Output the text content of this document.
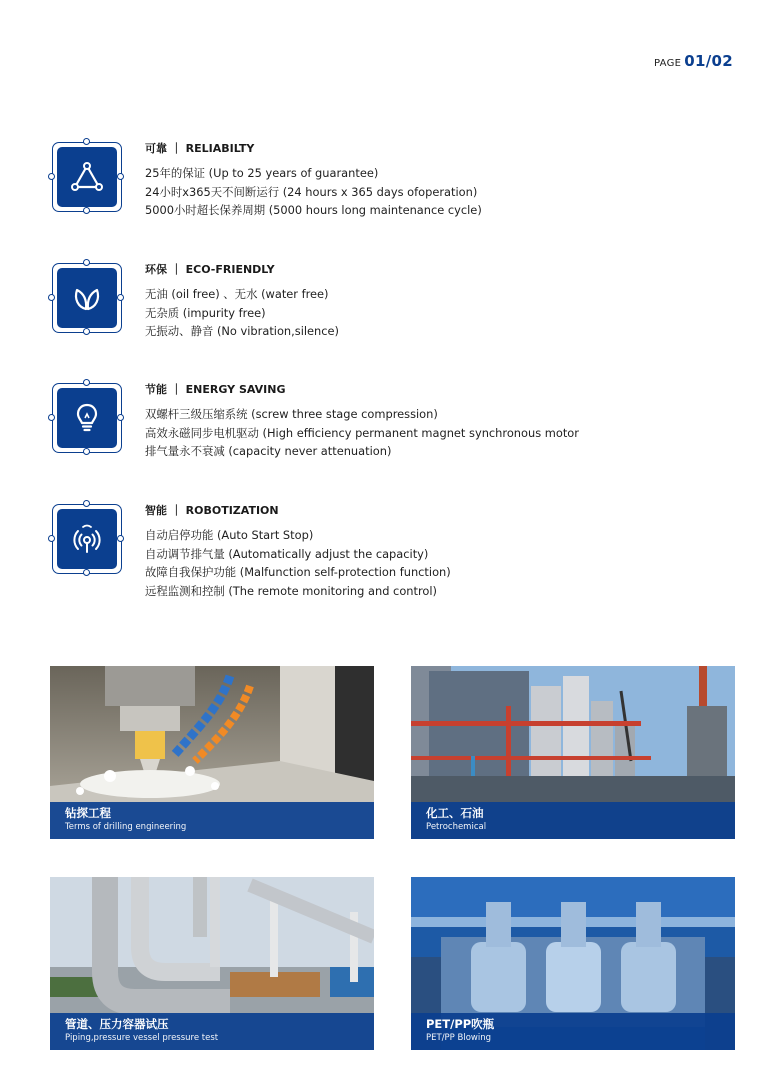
PAGE 01/02
可靠 ｜ RELIABILTY
25年的保证 (Up to 25 years of guarantee)
24小时x365天不间断运行 (24 hours x 365 days ofoperation)
5000小时超长保养周期 (5000 hours long maintenance cycle)
环保 ｜ ECO-FRIENDLY
无油 (oil free) 、无水 (water free)
无杂质 (impurity free)
无振动、静音 (No vibration,silence)
节能 ｜ ENERGY SAVING
双螺杆三级压缩系统 (screw three stage compression)
高效永磁同步电机驱动 (High efficiency permanent magnet synchronous motor
排气量永不衰减 (capacity never attenuation)
智能 ｜ ROBOTIZATION
自动启停功能 (Auto Start Stop)
自动调节排气量 (Automatically adjust the capacity)
故障自我保护功能 (Malfunction self-protection function)
远程监测和控制 (The remote monitoring and control)
钻探工程
Terms of drilling engineering
化工、石油
Petrochemical
管道、压力容器试压
Piping,pressure vessel pressure test
PET/PP吹瓶
PET/PP Blowing
